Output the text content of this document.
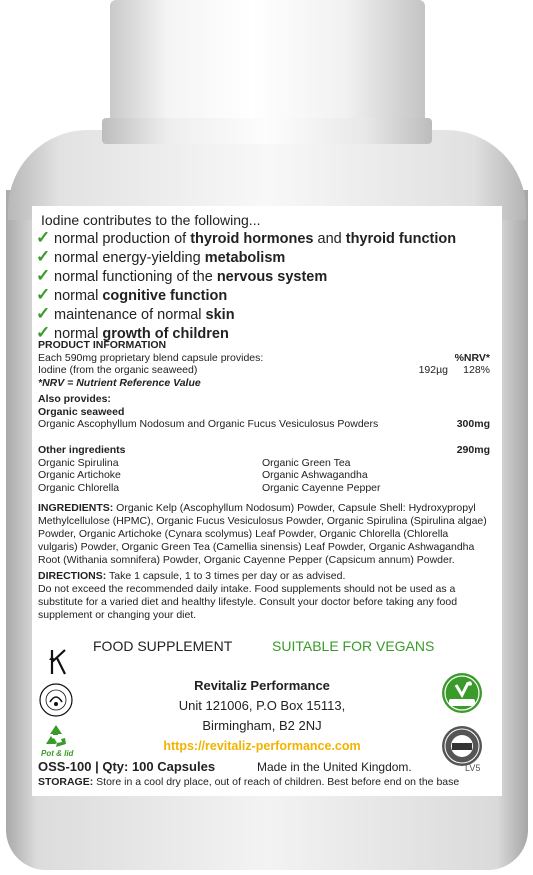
Iodine contributes to the following...
✓ normal production of thyroid hormones and thyroid function
✓ normal energy-yielding metabolism
✓ normal functioning of the nervous system
✓ normal cognitive function
✓ maintenance of normal skin
✓ normal growth of children
PRODUCT INFORMATION
Each 590mg proprietary blend capsule provides:	%NRV*
Iodine (from the organic seaweed)	192µg 128%
*NRV = Nutrient Reference Value
Also provides:
Organic seaweed
Organic Ascophyllum Nodosum and Organic Fucus Vesiculosus Powders	300mg
Other ingredients	290mg
Organic Spirulina	Organic Green Tea
Organic Artichoke	Organic Ashwagandha
Organic Chlorella	Organic Cayenne Pepper
INGREDIENTS: Organic Kelp (Ascophyllum Nodosum) Powder, Capsule Shell: Hydroxypropyl Methylcellulose (HPMC), Organic Fucus Vesiculosus Powder, Organic Spirulina (Spirulina algae) Powder, Organic Artichoke (Cynara scolymus) Leaf Powder, Organic Chlorella (Chlorella vulgaris) Powder, Organic Green Tea (Camellia sinensis) Leaf Powder, Organic Ashwagandha Root (Withania somnifera) Powder, Organic Cayenne Pepper (Capsicum annum) Powder.
DIRECTIONS: Take 1 capsule, 1 to 3 times per day or as advised.
Do not exceed the recommended daily intake. Food supplements should not be used as a substitute for a varied diet and healthy lifestyle. Consult your doctor before taking any food supplement or changing your diet.
FOOD SUPPLEMENT	SUITABLE FOR VEGANS
Pot & lid
Revitaliz Performance
Unit 121006, P.O Box 15113,
Birmingham, B2 2NJ
https://revitaliz-performance.com
OSS-100 | Qty: 100 Capsules	Made in the United Kingdom.	LV5
STORAGE: Store in a cool dry place, out of reach of children. Best before end on the base
